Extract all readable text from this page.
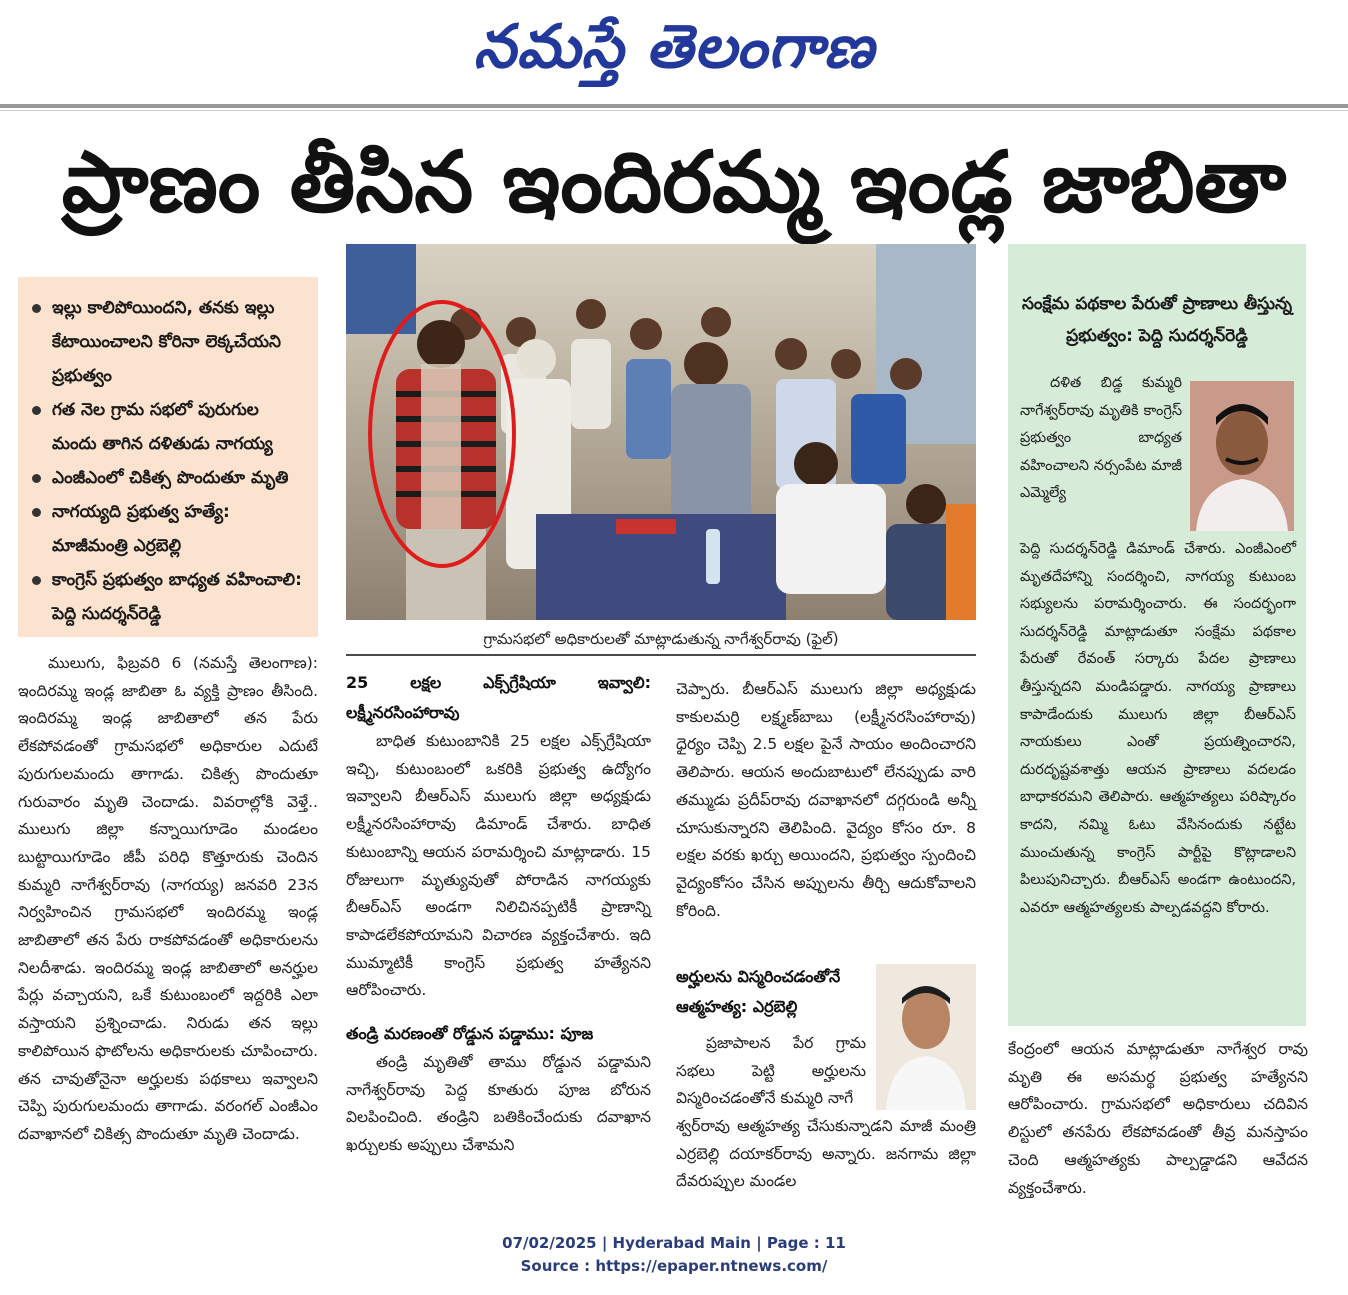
నమస్తే తెలంగాణ
ప్రాణం తీసిన ఇందిరమ్మ ఇండ్ల జాబితా
ఇల్లు కాలిపోయిందని, తనకు ఇల్లు కేటాయించాలని కోరినా లెక్కచేయని ప్రభుత్వం
గత నెల గ్రామ సభలో పురుగుల మందు తాగిన దళితుడు నాగయ్య
ఎంజీఎంలో చికిత్స పొందుతూ మృతి
నాగయ్యది ప్రభుత్వ హత్యే: మాజీమంత్రి ఎర్రబెల్లి
కాంగ్రెస్ ప్రభుత్వం బాధ్యత వహించాలి: పెద్ది సుదర్శన్‌రెడ్డి
గ్రామసభలో అధికారులతో మాట్లాడుతున్న నాగేశ్వర్‌రావు (ఫైల్)

ములుగు, ఫిబ్రవరి 6 (నమస్తే తెలంగాణ): ఇందిరమ్మ ఇండ్ల జాబితా ఓ వ్యక్తి ప్రాణం తీసింది. ఇందిరమ్మ ఇండ్ల జాబితాలో తన పేరు లేకపోవడంతో గ్రామసభలో అధికారుల ఎదుటే పురుగులమందు తాగాడు. చికిత్స పొందుతూ గురువారం మృతి చెందాడు. వివరాల్లోకి వెళ్తే.. ములుగు జిల్లా కన్నాయిగూడెం మండలం బుట్టాయిగూడెం జీపీ పరిధి కొత్తూరుకు చెందిన కుమ్మరి నాగేశ్వర్‌రావు (నాగయ్య) జనవరి 23న నిర్వహించిన గ్రామసభలో ఇందిరమ్మ ఇండ్ల జాబితాలో తన పేరు రాకపోవడంతో అధికారులను నిలదీశాడు. ఇందిరమ్మ ఇండ్ల జాబితాలో అనర్హుల పేర్లు వచ్చాయని, ఒకే కుటుంబంలో ఇద్దరికి ఎలా వస్తాయని ప్రశ్నించాడు. నిరుడు తన ఇల్లు కాలిపోయిన ఫొటోలను అధికారులకు చూపించారు. తన చావుతోనైనా అర్హులకు పథకాలు ఇవ్వాలని చెప్పి పురుగులమందు తాగాడు. వరంగల్ ఎంజీఎం దవాఖానలో చికిత్స పొందుతూ మృతి చెందాడు.

25 లక్షల ఎక్స్‌గ్రేషియా ఇవ్వాలి: లక్ష్మీనరసింహారావు

బాధిత కుటుంబానికి 25 లక్షల ఎక్స్‌గ్రేషియా ఇచ్చి, కుటుంబంలో ఒకరికి ప్రభుత్వ ఉద్యోగం ఇవ్వాలని బీఆర్‌ఎస్ ములుగు జిల్లా అధ్యక్షుడు లక్ష్మీనరసింహారావు డిమాండ్ చేశారు. బాధిత కుటుంబాన్ని ఆయన పరామర్శించి మాట్లాడారు. 15 రోజులుగా మృత్యువుతో పోరాడిన నాగయ్యకు బీఆర్‌ఎస్ అండగా నిలిచినప్పటికీ ప్రాణాన్ని కాపాడలేకపోయామని విచారణ వ్యక్తంచేశారు. ఇది ముమ్మాటికీ కాంగ్రెస్ ప్రభుత్వ హత్యేనని ఆరోపించారు.

తండ్రి మరణంతో రోడ్డున పడ్డాము: పూజ

తండ్రి మృతితో తాము రోడ్డున పడ్డామని నాగేశ్వర్‌రావు పెద్ద కూతురు పూజ బోరున విలపించింది. తండ్రిని బతికించేందుకు దవాఖాన ఖర్చులకు అప్పులు చేశామని

చెప్పారు. బీఆర్‌ఎస్ ములుగు జిల్లా అధ్యక్షుడు కాకులమర్రి లక్ష్మణ్‌బాబు (లక్ష్మీనరసింహారావు) ధైర్యం చెప్పి 2.5 లక్షల పైనే సాయం అందించారని తెలిపారు. ఆయన అందుబాటులో లేనప్పుడు వారి తమ్ముడు ప్రదీప్‌రావు దవాఖానలో దగ్గరుండి అన్నీ చూసుకున్నారని తెలిపింది. వైద్యం కోసం రూ. 8 లక్షల వరకు ఖర్చు అయిందని, ప్రభుత్వం స్పందించి వైద్యంకోసం చేసిన అప్పులను తీర్చి ఆదుకోవాలని కోరింది.

అర్హులను విస్మరించడంతోనే ఆత్మహత్య: ఎర్రబెల్లి

ప్రజాపాలన పేర గ్రామ సభలు పెట్టి అర్హులను విస్మరించడంతోనే కుమ్మరి నాగే

శ్వర్‌రావు ఆత్మహత్య చేసుకున్నాడని మాజీ మంత్రి ఎర్రబెల్లి దయాకర్‌రావు అన్నారు. జనగామ జిల్లా దేవరుప్పుల మండల

సంక్షేమ పథకాల పేరుతో ప్రాణాలు తీస్తున్న ప్రభుత్వం: పెద్ది సుదర్శన్‌రెడ్డి

దళిత బిడ్డ కుమ్మరి నాగేశ్వర్‌రావు మృతికి కాంగ్రెస్ ప్రభుత్వం బాధ్యత వహించాలని నర్సంపేట మాజీ ఎమ్మెల్యే

పెద్ది సుదర్శన్‌రెడ్డి డిమాండ్ చేశారు. ఎంజీఎంలో మృతదేహాన్ని సందర్శించి, నాగయ్య కుటుంబ సభ్యులను పరామర్శించారు. ఈ సందర్భంగా సుదర్శన్‌రెడ్డి మాట్లాడుతూ సంక్షేమ పథకాల పేరుతో రేవంత్ సర్కారు పేదల ప్రాణాలు తీస్తున్నదని మండిపడ్డారు. నాగయ్య ప్రాణాలు కాపాడేందుకు ములుగు జిల్లా బీఆర్‌ఎస్ నాయకులు ఎంతో ప్రయత్నించారని, దురదృష్టవశాత్తు ఆయన ప్రాణాలు వదలడం బాధాకరమని తెలిపారు. ఆత్మహత్యలు పరిష్కారం కాదని, నమ్మి ఓటు వేసినందుకు నట్టేట ముంచుతున్న కాంగ్రెస్ పార్టీపై కొట్లాడాలని పిలుపునిచ్చారు. బీఆర్‌ఎస్ అండగా ఉంటుందని, ఎవరూ ఆత్మహత్యలకు పాల్పడవద్దని కోరారు.

కేంద్రంలో ఆయన మాట్లాడుతూ నాగేశ్వర రావు మృతి ఈ అసమర్థ ప్రభుత్వ హత్యేనని ఆరోపించారు. గ్రామసభలో అధికారులు చదివిన లిస్టులో తనపేరు లేకపోవడంతో తీవ్ర మనస్తాపం చెంది ఆత్మహత్యకు పాల్పడ్డాడని ఆవేదన వ్యక్తంచేశారు.

07/02/2025 | Hyderabad Main | Page : 11
Source : https://epaper.ntnews.com/
